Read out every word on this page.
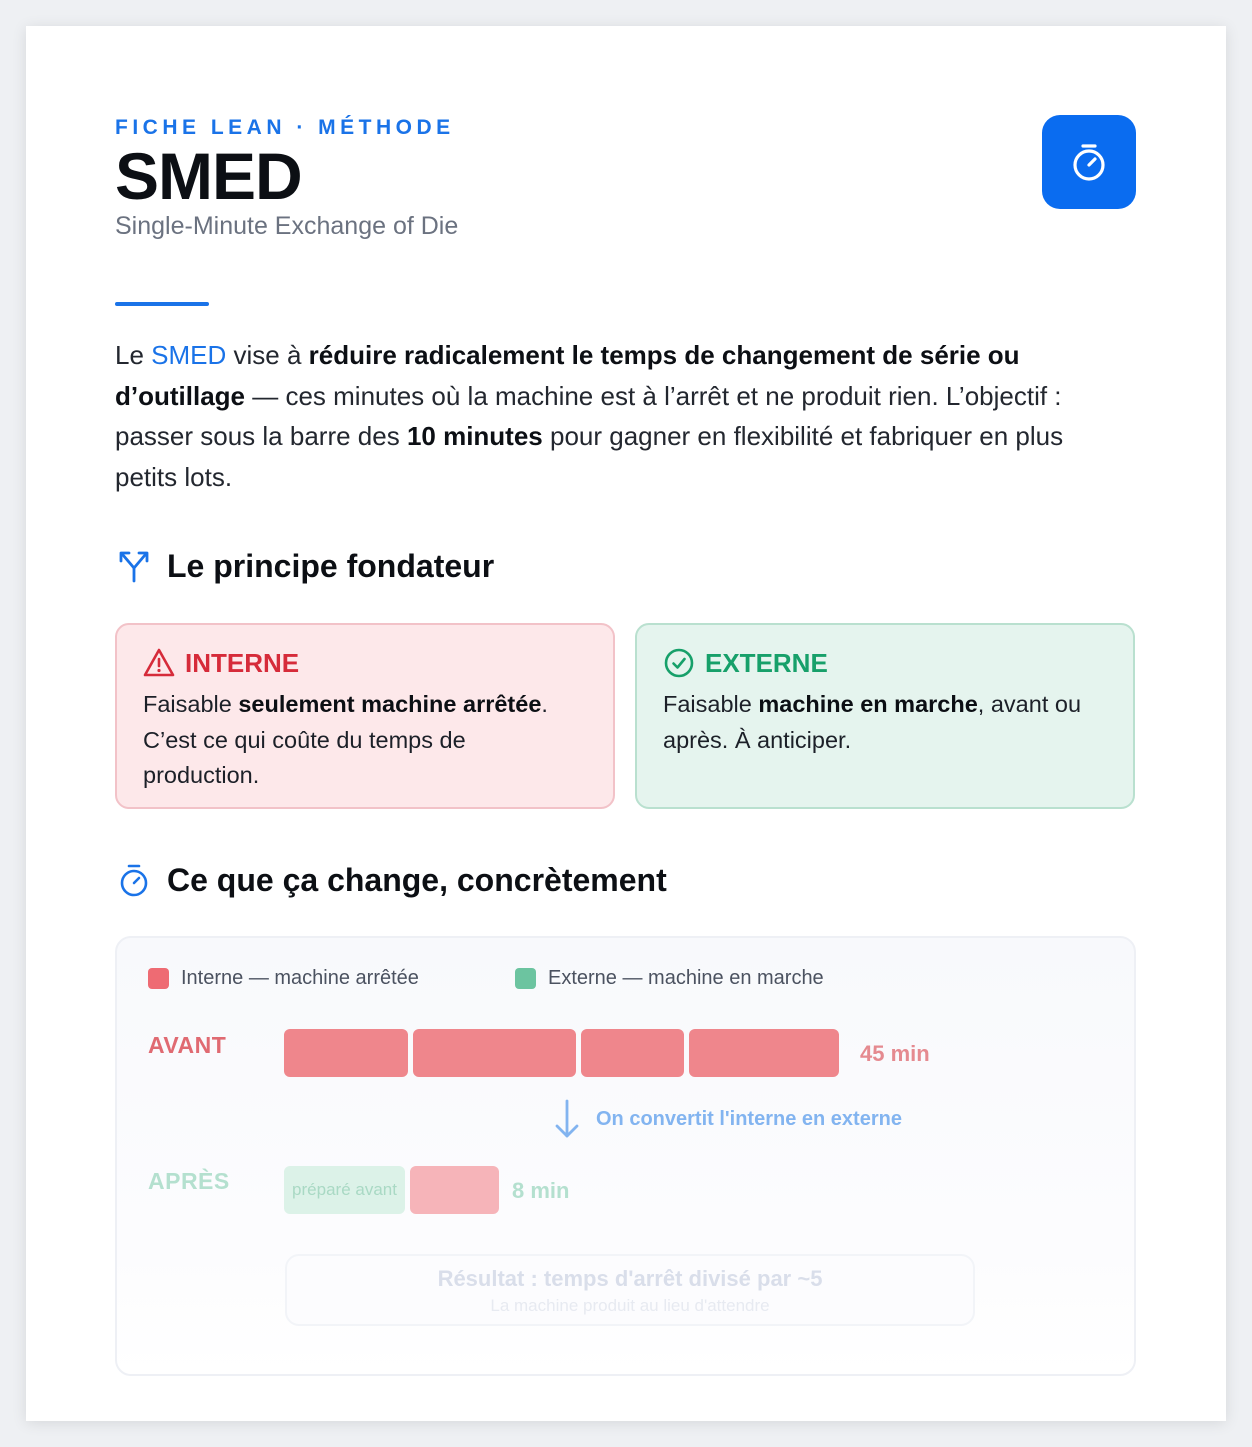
FICHE LEAN · MÉTHODE
SMED
Single-Minute Exchange of Die

Le SMED vise à réduire radicalement le temps de changement de série ou d’outillage — ces minutes où la machine est à l’arrêt et ne produit rien. L’objectif : passer sous la barre des 10 minutes pour gagner en flexibilité et fabriquer en plus petits lots.

Le principe fondateur
INTERNE

Faisable seulement machine arrêtée. C’est ce qui coûte du temps de production.

EXTERNE

Faisable machine en marche, avant ou après. À anticiper.

Ce que ça change, concrètement
Interne — machine arrêtée	Externe — machine en marche
AVANT	45 min
On convertit l'interne en externe
APRÈS	préparé avant	8 min
Résultat : temps d'arrêt divisé par ~5
La machine produit au lieu d'attendre
